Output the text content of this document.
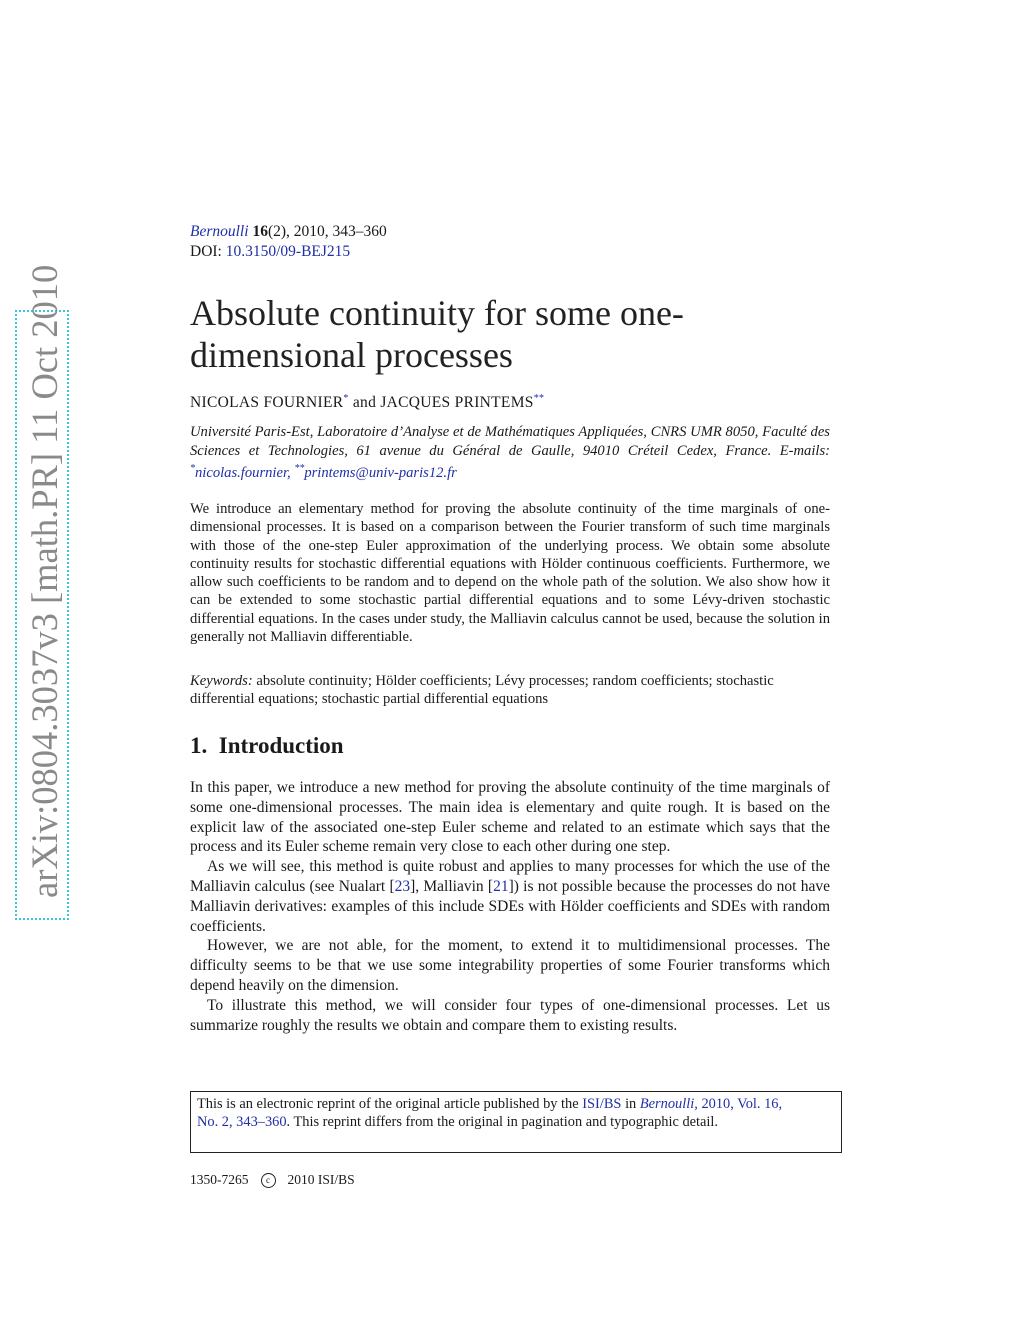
arXiv:0804.3037v3 [math.PR] 11 Oct 2010
Bernoulli 16(2), 2010, 343–360
DOI: 10.3150/09-BEJ215
Absolute continuity for some one-dimensional processes
NICOLAS FOURNIER* and JACQUES PRINTEMS**
Université Paris-Est, Laboratoire d’Analyse et de Mathématiques Appliquées, CNRS UMR 8050, Faculté des Sciences et Technologies, 61 avenue du Général de Gaulle, 94010 Créteil Cedex, France. E-mails: *nicolas.fournier, **printems@univ-paris12.fr
We introduce an elementary method for proving the absolute continuity of the time marginals of one-dimensional processes. It is based on a comparison between the Fourier transform of such time marginals with those of the one-step Euler approximation of the underlying process. We obtain some absolute continuity results for stochastic differential equations with Hölder continuous coefficients. Furthermore, we allow such coefficients to be random and to depend on the whole path of the solution. We also show how it can be extended to some stochastic partial differential equations and to some Lévy-driven stochastic differential equations. In the cases under study, the Malliavin calculus cannot be used, because the solution in generally not Malliavin differentiable.
Keywords: absolute continuity; Hölder coefficients; Lévy processes; random coefficients; stochastic differential equations; stochastic partial differential equations
1. Introduction

In this paper, we introduce a new method for proving the absolute continuity of the time marginals of some one-dimensional processes. The main idea is elementary and quite rough. It is based on the explicit law of the associated one-step Euler scheme and related to an estimate which says that the process and its Euler scheme remain very close to each other during one step.

As we will see, this method is quite robust and applies to many processes for which the use of the Malliavin calculus (see Nualart [23], Malliavin [21]) is not possible because the processes do not have Malliavin derivatives: examples of this include SDEs with Hölder coefficients and SDEs with random coefficients.

However, we are not able, for the moment, to extend it to multidimensional processes. The difficulty seems to be that we use some integrability properties of some Fourier transforms which depend heavily on the dimension.

To illustrate this method, we will consider four types of one-dimensional processes. Let us summarize roughly the results we obtain and compare them to existing results.

This is an electronic reprint of the original article published by the ISI/BS in Bernoulli, 2010, Vol. 16, No. 2, 343–360. This reprint differs from the original in pagination and typographic detail.
1350-7265 c 2010 ISI/BS
